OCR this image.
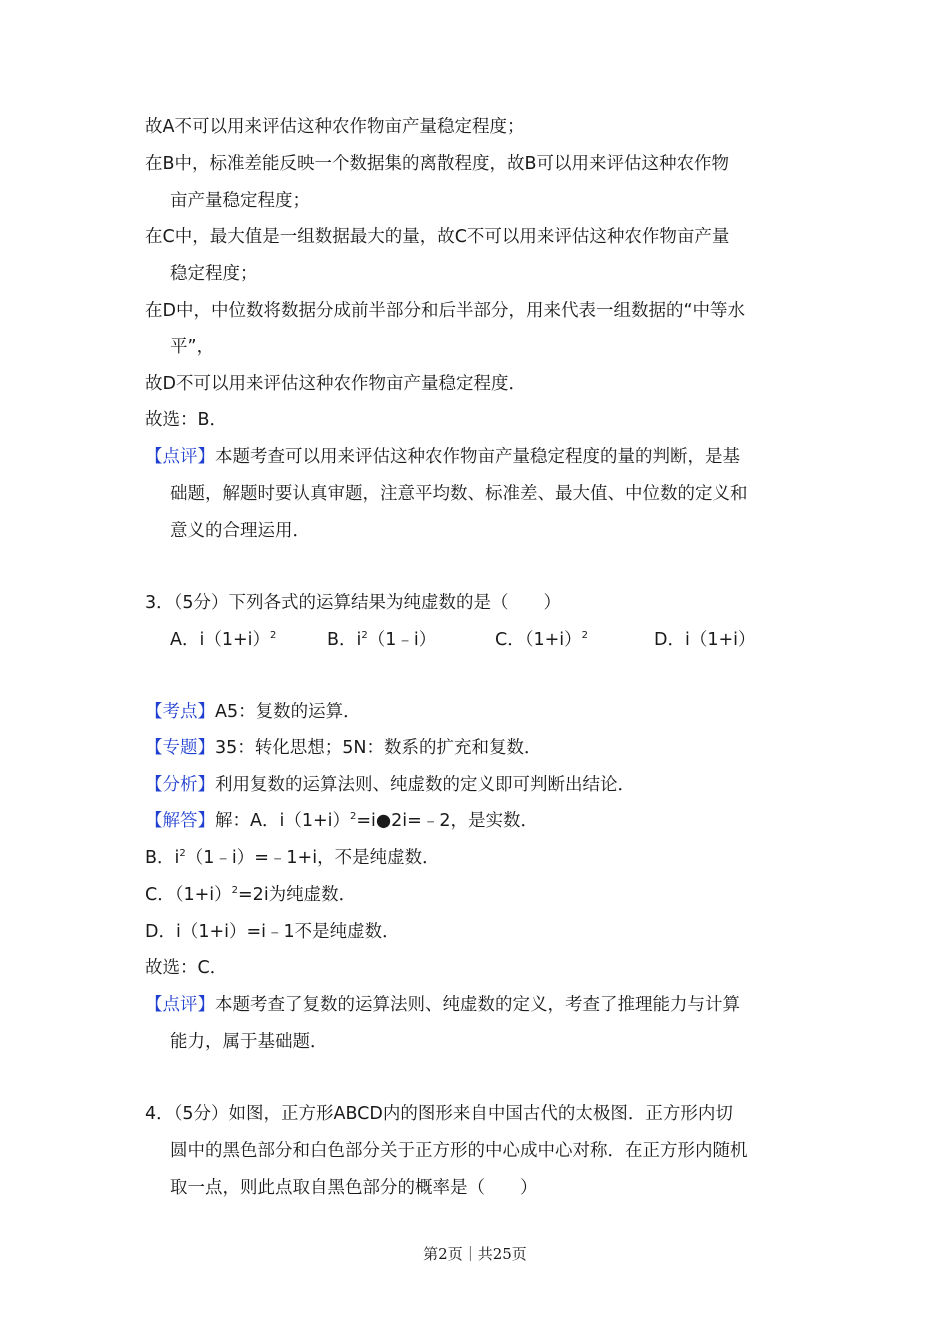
故A不可以用来评估这种农作物亩产量稳定程度；
在B中，标准差能反映一个数据集的离散程度，故B可以用来评估这种农作物
亩产量稳定程度；
在C中，最大值是一组数据最大的量，故C不可以用来评估这种农作物亩产量
稳定程度；
在D中，中位数将数据分成前半部分和后半部分，用来代表一组数据的“中等水
平”，
故D不可以用来评估这种农作物亩产量稳定程度．
故选：B．
【点评】本题考查可以用来评估这种农作物亩产量稳定程度的量的判断，是基
础题，解题时要认真审题，注意平均数、标准差、最大值、中位数的定义和
意义的合理运用．
3．（5分）下列各式的运算结果为纯虚数的是（　　）
A．$i(1+i)^2$	B．$i^2(1﹣i)$	C．$(1+i)^2$	D．i（1+i）
【考点】A5：复数的运算．
【专题】35：转化思想；5N：数系的扩充和复数．
【分析】利用复数的运算法则、纯虚数的定义即可判断出结论．
【解答】解：A．$i(1+i)^2=i●2i=﹣2$，是实数．
B．$i^2(1﹣i)=﹣1+i$，不是纯虚数．
C．$(1+i)^2=2i$为纯虚数．
D．i（1+i）=i﹣1不是纯虚数．
故选：C．
【点评】本题考查了复数的运算法则、纯虚数的定义，考查了推理能力与计算
能力，属于基础题．
4．（5分）如图，正方形ABCD内的图形来自中国古代的太极图．正方形内切
圆中的黑色部分和白色部分关于正方形的中心成中心对称．在正方形内随机
取一点，则此点取自黑色部分的概率是（　　）
第2页｜共25页
